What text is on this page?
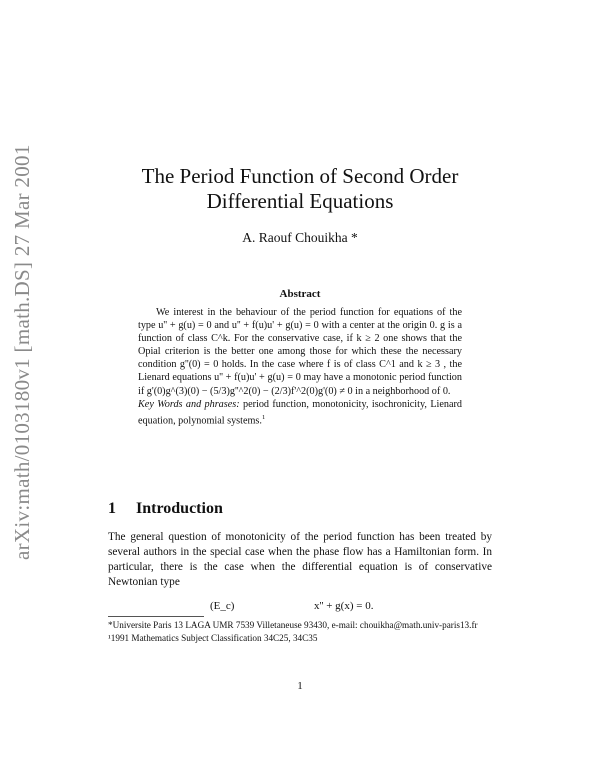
arXiv:math/0103180v1 [math.DS] 27 Mar 2001	The Period Function of Second Order
Differential Equations
A. Raouf Chouikha *
Abstract

We interest in the behaviour of the period function for equations of the type u'' + g(u) = 0 and u'' + f(u)u' + g(u) = 0 with a center at the origin 0. g is a function of class C^k. For the conservative case, if k ≥ 2 one shows that the Opial criterion is the better one among those for which these the necessary condition g''(0) = 0 holds. In the case where f is of class C^1 and k ≥ 3 , the Lienard equations u'' + f(u)u' + g(u) = 0 may have a monotonic period function if g'(0)g^(3)(0) − (5/3)g''^2(0) − (2/3)f'^2(0)g'(0) ≠ 0 in a neighborhood of 0.

Key Words and phrases: period function, monotonicity, isochronicity, Lienard equation, polynomial systems.$^1$

1 Introduction

The general question of monotonicity of the period function has been treated by several authors in the special case when the phase flow has a Hamiltonian form. In particular, there is the case when the differential equation is of conservative Newtonian type

(E_c)	x'' + g(x) = 0.

*Universite Paris 13 LAGA UMR 7539 Villetaneuse 93430, e-mail: chouikha@math.univ-paris13.fr

¹1991 Mathematics Subject Classification 34C25, 34C35

1
